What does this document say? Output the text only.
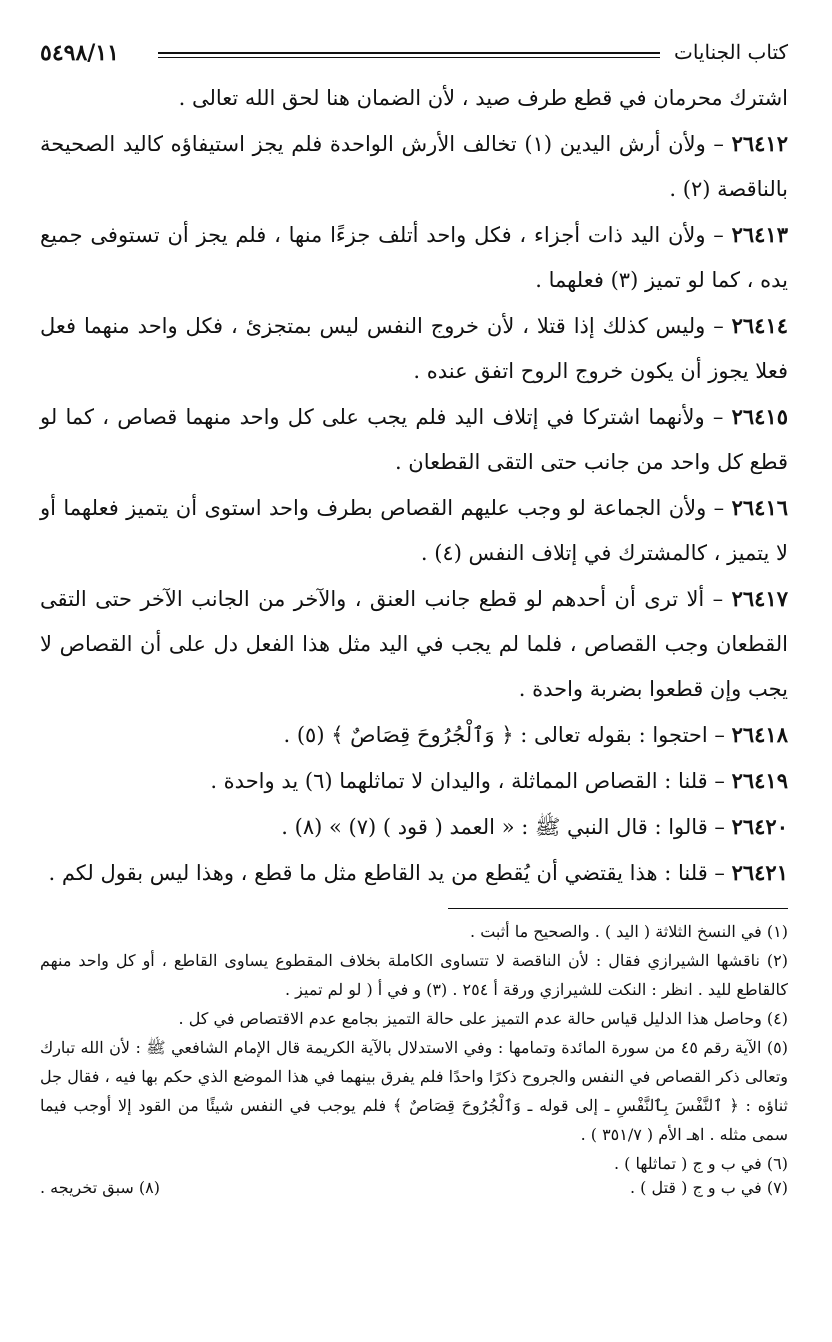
٥٤٩٨/١١	كتاب الجنايات

اشترك محرمان في قطع طرف صيد ، لأن الضمان هنا لحق الله تعالى .

٢٦٤١٢ – ولأن أرش اليدين (١) تخالف الأرش الواحدة فلم يجز استيفاؤه كاليد الصحيحة بالناقصة (٢) .

٢٦٤١٣ – ولأن اليد ذات أجزاء ، فكل واحد أتلف جزءًا منها ، فلم يجز أن تستوفى جميع يده ، كما لو تميز (٣) فعلهما .

٢٦٤١٤ – وليس كذلك إذا قتلا ، لأن خروج النفس ليس بمتجزئ ، فكل واحد منهما فعل فعلا يجوز أن يكون خروج الروح اتفق عنده .

٢٦٤١٥ – ولأنهما اشتركا في إتلاف اليد فلم يجب على كل واحد منهما قصاص ، كما لو قطع كل واحد من جانب حتى التقى القطعان .

٢٦٤١٦ – ولأن الجماعة لو وجب عليهم القصاص بطرف واحد استوى أن يتميز فعلهما أو لا يتميز ، كالمشترك في إتلاف النفس (٤) .

٢٦٤١٧ – ألا ترى أن أحدهم لو قطع جانب العنق ، والآخر من الجانب الآخر حتى التقى القطعان وجب القصاص ، فلما لم يجب في اليد مثل هذا الفعل دل على أن القصاص لا يجب وإن قطعوا بضربة واحدة .

٢٦٤١٨ – احتجوا : بقوله تعالى : ﴿ وَٱلْجُرُوحَ قِصَاصٌ ﴾ (٥) .

٢٦٤١٩ – قلنا : القصاص المماثلة ، واليدان لا تماثلهما (٦) يد واحدة .

٢٦٤٢٠ – قالوا : قال النبي ﷺ : « العمد ( قود ) (٧) » (٨) .

٢٦٤٢١ – قلنا : هذا يقتضي أن يُقطع من يد القاطع مثل ما قطع ، وهذا ليس بقول لكم .

(١) في النسخ الثلاثة ( اليد ) . والصحيح ما أثبت .

(٢) ناقشها الشيرازي فقال : لأن الناقصة لا تتساوى الكاملة بخلاف المقطوع يساوى القاطع ، أو كل واحد منهم كالقاطع لليد . انظر : النكت للشيرازي ورقة أ ٢٥٤ . (٣) و في أ ( لو لم تميز .

(٤) وحاصل هذا الدليل قياس حالة عدم التميز على حالة التميز بجامع عدم الاقتصاص في كل .

(٥) الآية رقم ٤٥ من سورة المائدة وتمامها : وفي الاستدلال بالآية الكريمة قال الإمام الشافعي ﷺ : لأن الله تبارك وتعالى ذكر القصاص في النفس والجروح ذكرًا واحدًا فلم يفرق بينهما في هذا الموضع الذي حكم بها فيه ، فقال جل ثناؤه : ﴿ ٱلنَّفْسَ بِٱلنَّفْسِ ـ إلى قوله ـ وَٱلْجُرُوحَ قِصَاصٌ ﴾ فلم يوجب في النفس شيئًا من القود إلا أوجب فيما سمى مثله . اهـ الأم ( ٣٥١/٧ ) .

(٦) في ب و ج ( تماثلها ) .

(٧) في ب و ج ( قتل ) .
(٨) سبق تخريجه .
